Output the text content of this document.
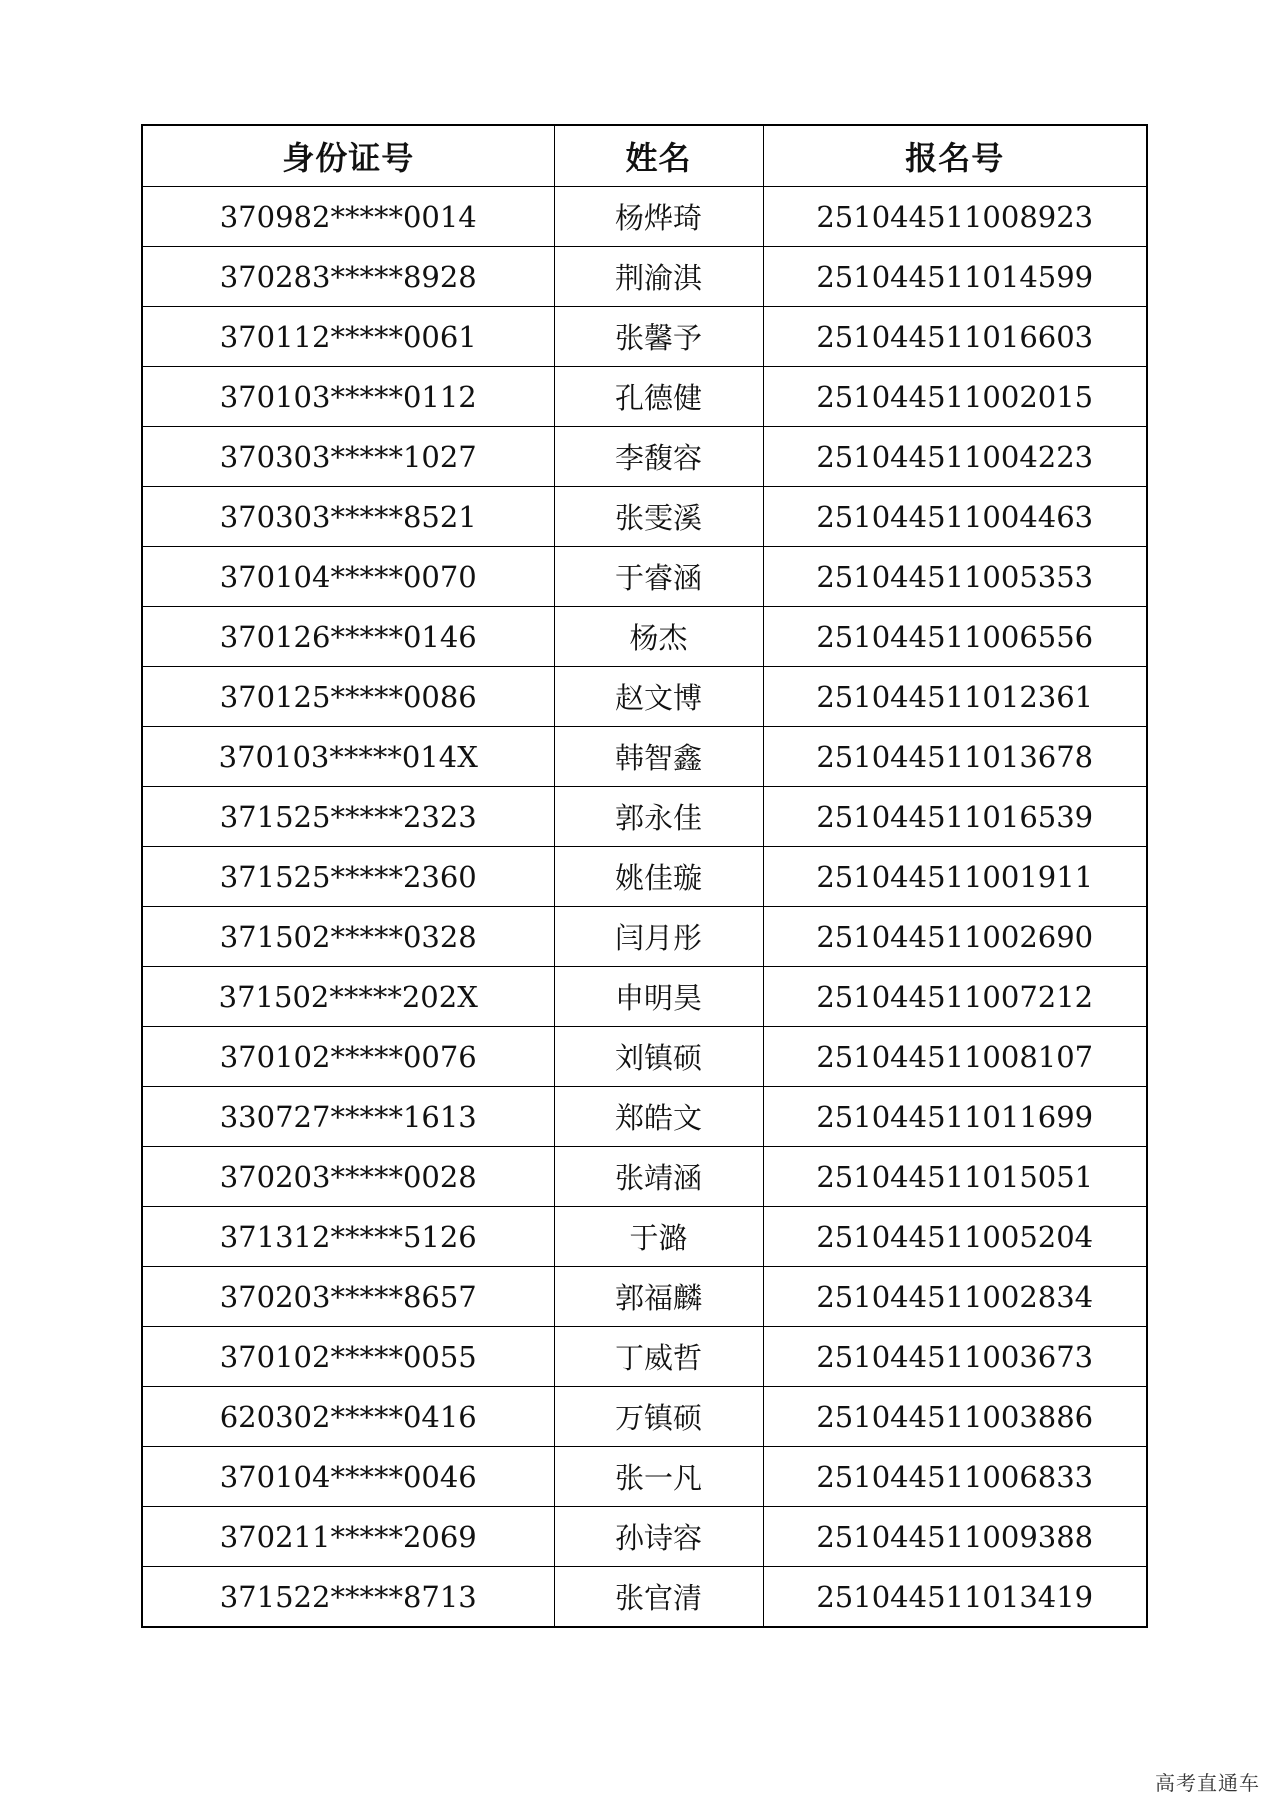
身份证号	姓名	报名号
370982*****0014	杨烨琦	251044511008923
370283*****8928	荆渝淇	251044511014599
370112*****0061	张馨予	251044511016603
370103*****0112	孔德健	251044511002015
370303*****1027	李馥容	251044511004223
370303*****8521	张雯溪	251044511004463
370104*****0070	于睿涵	251044511005353
370126*****0146	杨杰	251044511006556
370125*****0086	赵文博	251044511012361
370103*****014X	韩智鑫	251044511013678
371525*****2323	郭永佳	251044511016539
371525*****2360	姚佳璇	251044511001911
371502*****0328	闫月彤	251044511002690
371502*****202X	申明昊	251044511007212
370102*****0076	刘镇硕	251044511008107
330727*****1613	郑皓文	251044511011699
370203*****0028	张靖涵	251044511015051
371312*****5126	于潞	251044511005204
370203*****8657	郭福麟	251044511002834
370102*****0055	丁威哲	251044511003673
620302*****0416	万镇硕	251044511003886
370104*****0046	张一凡	251044511006833
370211*****2069	孙诗容	251044511009388
371522*****8713	张官清	251044511013419
高考直通车
